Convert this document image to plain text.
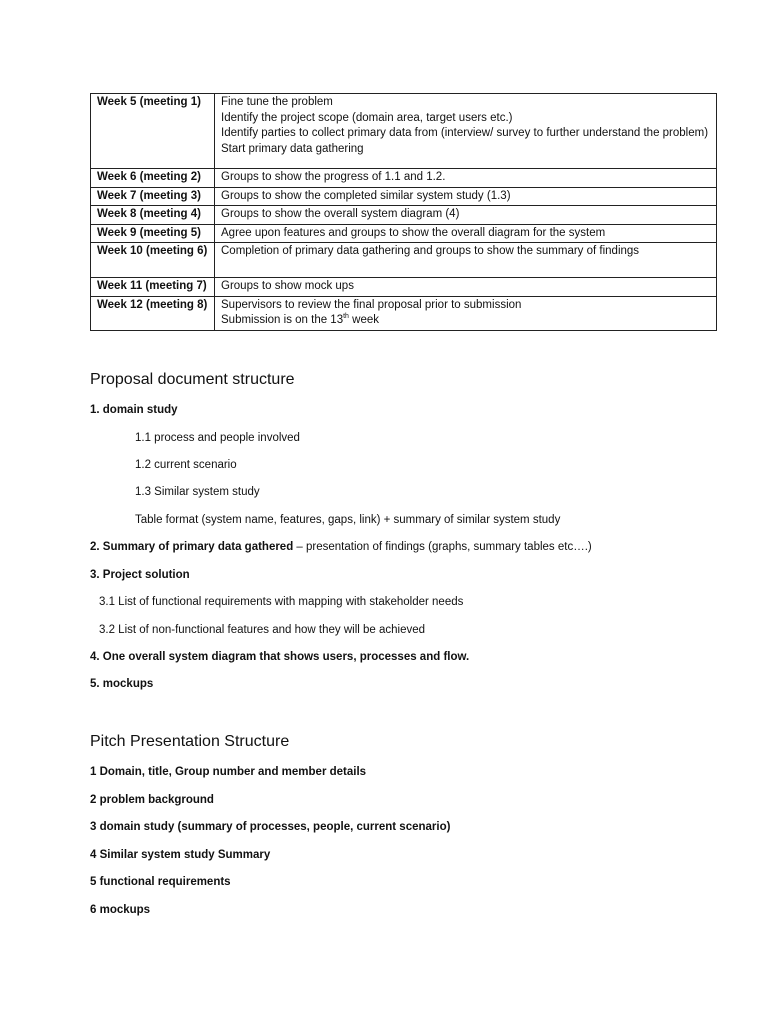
Week 5 (meeting 1)	Fine tune the problem
Identify the project scope (domain area, target users etc.)
Identify parties to collect primary data from (interview/ survey to further understand the problem)
Start primary data gathering

Week 6 (meeting 2)	Groups to show the progress of 1.1 and 1.2.
Week 7 (meeting 3)	Groups to show the completed similar system study (1.3)
Week 8 (meeting 4)	Groups to show the overall system diagram (4)
Week 9 (meeting 5)	Agree upon features and groups to show the overall diagram for the system
Week 10 (meeting 6)	Completion of primary data gathering and groups to show the summary of findings
Week 11 (meeting 7)	Groups to show mock ups
Week 12 (meeting 8)	Supervisors to review the final proposal prior to submission
Submission is on the 13th week
Proposal document structure
1. domain study
1.1 process and people involved
1.2 current scenario
1.3 Similar system study
Table format (system name, features, gaps, link) + summary of similar system study
2. Summary of primary data gathered – presentation of findings (graphs, summary tables etc….)
3. Project solution
3.1 List of functional requirements with mapping with stakeholder needs
3.2 List of non-functional features and how they will be achieved
4. One overall system diagram that shows users, processes and flow.
5. mockups
Pitch Presentation Structure
1 Domain, title, Group number and member details
2 problem background
3 domain study (summary of processes, people, current scenario)
4 Similar system study Summary
5 functional requirements
6 mockups
